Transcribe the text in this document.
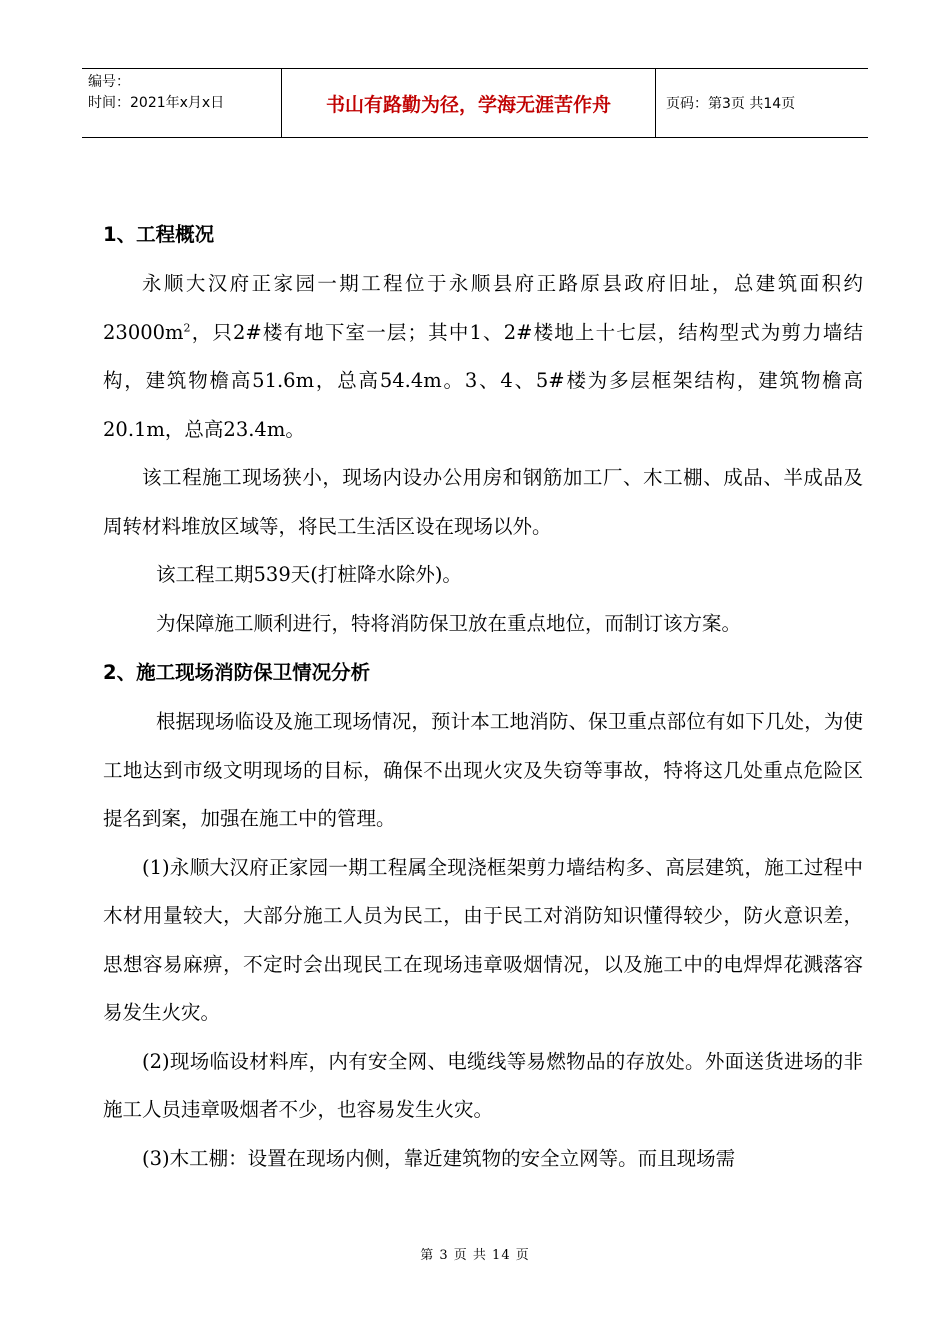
编号：
时间：2021年x月x日	书山有路勤为径，学海无涯苦作舟	页码：第3页 共14页
1、工程概况

永顺大汉府正家园一期工程位于永顺县府正路原县政府旧址，总建筑面积约$23000m^2$，只2#楼有地下室一层；其中1、2#楼地上十七层，结构型式为剪力墙结构，建筑物檐高51.6m，总高54.4m。3、4、5#楼为多层框架结构，建筑物檐高20.1m，总高23.4m。

该工程施工现场狭小，现场内设办公用房和钢筋加工厂、木工棚、成品、半成品及周转材料堆放区域等，将民工生活区设在现场以外。

该工程工期539天(打桩降水除外)。

为保障施工顺利进行，特将消防保卫放在重点地位，而制订该方案。

2、施工现场消防保卫情况分析

根据现场临设及施工现场情况，预计本工地消防、保卫重点部位有如下几处，为使工地达到市级文明现场的目标，确保不出现火灾及失窃等事故，特将这几处重点危险区提名到案，加强在施工中的管理。

(1)永顺大汉府正家园一期工程属全现浇框架剪力墙结构多、高层建筑，施工过程中木材用量较大，大部分施工人员为民工，由于民工对消防知识懂得较少，防火意识差，思想容易麻痹，不定时会出现民工在现场违章吸烟情况，以及施工中的电焊焊花溅落容易发生火灾。

(2)现场临设材料库，内有安全网、电缆线等易燃物品的存放处。外面送货进场的非施工人员违章吸烟者不少，也容易发生火灾。

(3)木工棚：设置在现场内侧，靠近建筑物的安全立网等。而且现场需

第 3 页 共 14 页
